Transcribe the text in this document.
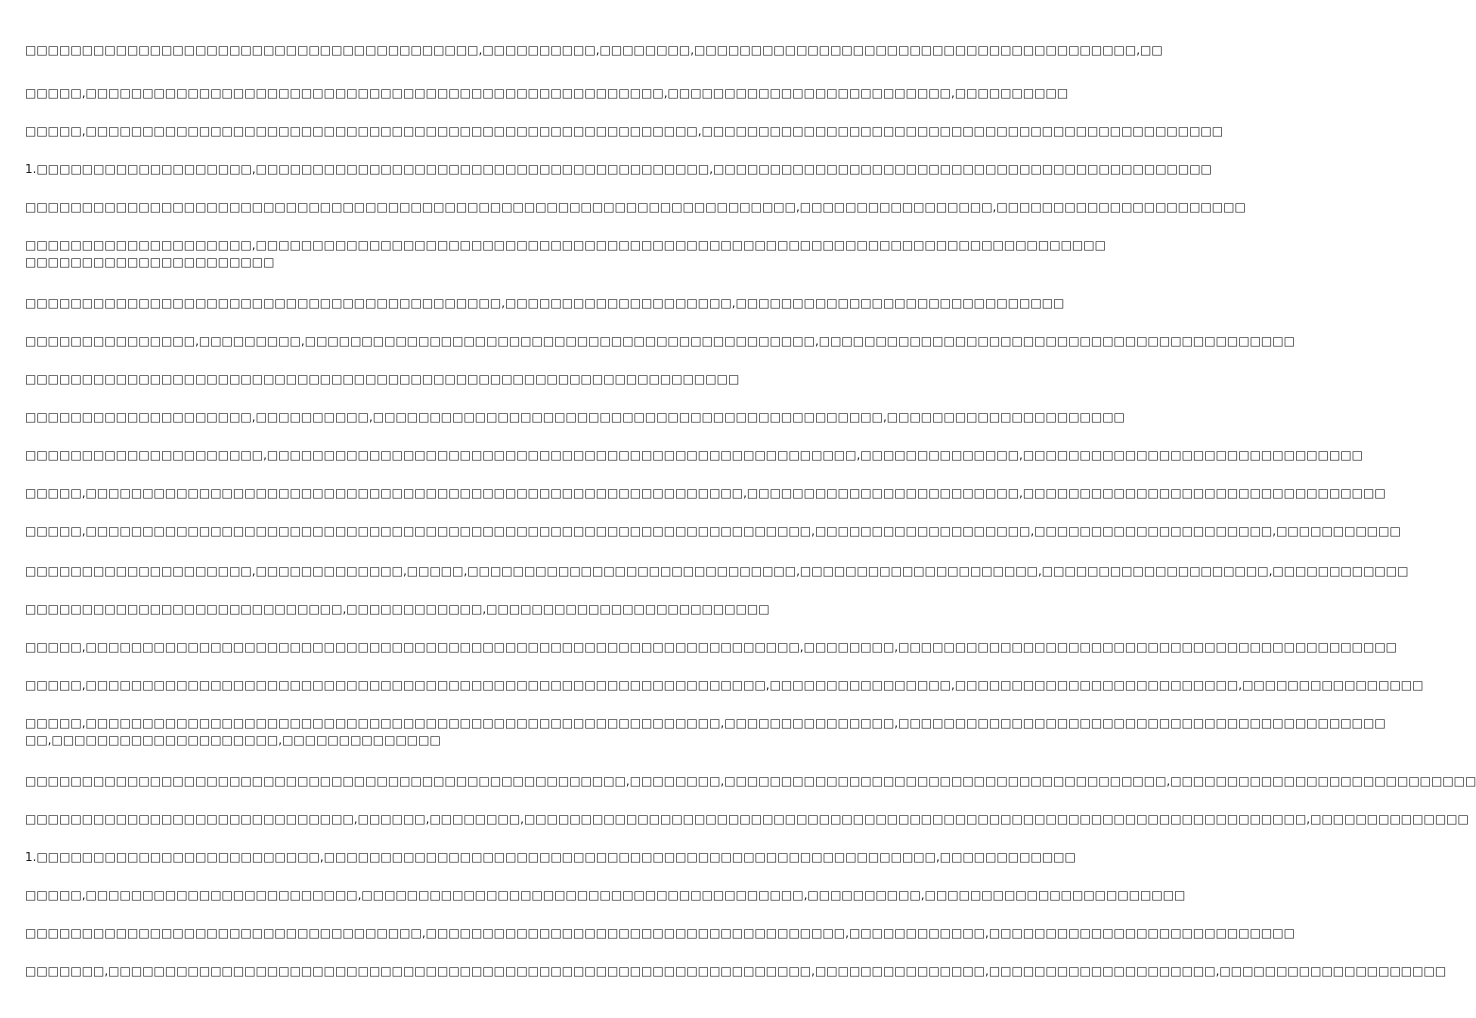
□□□□□□□□□□□□□□□□□□□□□□□□□□□□□□□□□□□□□□□□,□□□□□□□□□□,□□□□□□□□,□□□□□□□□□□□□□□□□□□□□□□□□□□□□□□□□□□□□□□□,□□

□□□□□,□□□□□□□□□□□□□□□□□□□□□□□□□□□□□□□□□□□□□□□□□□□□□□□□□□□,□□□□□□□□□□□□□□□□□□□□□□□□□,□□□□□□□□□□

□□□□□,□□□□□□□□□□□□□□□□□□□□□□□□□□□□□□□□□□□□□□□□□□□□□□□□□□□□□□,□□□□□□□□□□□□□□□□□□□□□□□□□□□□□□□□□□□□□□□□□□□□□□

1.□□□□□□□□□□□□□□□□□□□,□□□□□□□□□□□□□□□□□□□□□□□□□□□□□□□□□□□□□□□□,□□□□□□□□□□□□□□□□□□□□□□□□□□□□□□□□□□□□□□□□□□□□

□□□□□□□□□□□□□□□□□□□□□□□□□□□□□□□□□□□□□□□□□□□□□□□□□□□□□□□□□□□□□□□□□□□□,□□□□□□□□□□□□□□□□□,□□□□□□□□□□□□□□□□□□□□□□

□□□□□□□□□□□□□□□□□□□□,□□□□□□□□□□□□□□□□□□□□□□□□□□□□□□□□□□□□□□□□□□□□□□□□□□□□□□□□□□□□□□□□□□□□□□□□□□□
□□□□□□□□□□□□□□□□□□□□□□

□□□□□□□□□□□□□□□□□□□□□□□□□□□□□□□□□□□□□□□□□□,□□□□□□□□□□□□□□□□□□□□,□□□□□□□□□□□□□□□□□□□□□□□□□□□□□

□□□□□□□□□□□□□□□,□□□□□□□□□,□□□□□□□□□□□□□□□□□□□□□□□□□□□□□□□□□□□□□□□□□□□□□,□□□□□□□□□□□□□□□□□□□□□□□□□□□□□□□□□□□□□□□□□□

□□□□□□□□□□□□□□□□□□□□□□□□□□□□□□□□□□□□□□□□□□□□□□□□□□□□□□□□□□□□□□□

□□□□□□□□□□□□□□□□□□□□,□□□□□□□□□□,□□□□□□□□□□□□□□□□□□□□□□□□□□□□□□□□□□□□□□□□□□□□□,□□□□□□□□□□□□□□□□□□□□□

□□□□□□□□□□□□□□□□□□□□□,□□□□□□□□□□□□□□□□□□□□□□□□□□□□□□□□□□□□□□□□□□□□□□□□□□□□,□□□□□□□□□□□□□□,□□□□□□□□□□□□□□□□□□□□□□□□□□□□□□

□□□□□,□□□□□□□□□□□□□□□□□□□□□□□□□□□□□□□□□□□□□□□□□□□□□□□□□□□□□□□□□□,□□□□□□□□□□□□□□□□□□□□□□□□,□□□□□□□□□□□□□□□□□□□□□□□□□□□□□□□□

□□□□□,□□□□□□□□□□□□□□□□□□□□□□□□□□□□□□□□□□□□□□□□□□□□□□□□□□□□□□□□□□□□□□□□,□□□□□□□□□□□□□□□□□□□,□□□□□□□□□□□□□□□□□□□□□,□□□□□□□□□□□

□□□□□□□□□□□□□□□□□□□□,□□□□□□□□□□□□□,□□□□□,□□□□□□□□□□□□□□□□□□□□□□□□□□□□□,□□□□□□□□□□□□□□□□□□□□□,□□□□□□□□□□□□□□□□□□□□,□□□□□□□□□□□□

□□□□□□□□□□□□□□□□□□□□□□□□□□□□,□□□□□□□□□□□□,□□□□□□□□□□□□□□□□□□□□□□□□□

□□□□□,□□□□□□□□□□□□□□□□□□□□□□□□□□□□□□□□□□□□□□□□□□□□□□□□□□□□□□□□□□□□□□□,□□□□□□□□,□□□□□□□□□□□□□□□□□□□□□□□□□□□□□□□□□□□□□□□□□□□□

□□□□□,□□□□□□□□□□□□□□□□□□□□□□□□□□□□□□□□□□□□□□□□□□□□□□□□□□□□□□□□□□□□,□□□□□□□□□□□□□□□□,□□□□□□□□□□□□□□□□□□□□□□□□□,□□□□□□□□□□□□□□□□

□□□□□,□□□□□□□□□□□□□□□□□□□□□□□□□□□□□□□□□□□□□□□□□□□□□□□□□□□□□□□□,□□□□□□□□□□□□□□□,□□□□□□□□□□□□□□□□□□□□□□□□□□□□□□□□□□□□□□□□□□□
□□,□□□□□□□□□□□□□□□□□□□□,□□□□□□□□□□□□□□

□□□□□□□□□□□□□□□□□□□□□□□□□□□□□□□□□□□□□□□□□□□□□□□□□□□□□,□□□□□□□□,□□□□□□□□□□□□□□□□□□□□□□□□□□□□□□□□□□□□□□□,□□□□□□□□□□□□□□□□□□□□□□□□□□□

□□□□□□□□□□□□□□□□□□□□□□□□□□□□□,□□□□□□,□□□□□□□□,□□□□□□□□□□□□□□□□□□□□□□□□□□□□□□□□□□□□□□□□□□□□□□□□□□□□□□□□□□□□□□□□□□□□□,□□□□□□□□□□□□□□

1.□□□□□□□□□□□□□□□□□□□□□□□□□,□□□□□□□□□□□□□□□□□□□□□□□□□□□□□□□□□□□□□□□□□□□□□□□□□□□□□□,□□□□□□□□□□□□

□□□□□,□□□□□□□□□□□□□□□□□□□□□□□□,□□□□□□□□□□□□□□□□□□□□□□□□□□□□□□□□□□□□□□□,□□□□□□□□□□,□□□□□□□□□□□□□□□□□□□□□□□

□□□□□□□□□□□□□□□□□□□□□□□□□□□□□□□□□□□,□□□□□□□□□□□□□□□□□□□□□□□□□□□□□□□□□□□□□,□□□□□□□□□□□□,□□□□□□□□□□□□□□□□□□□□□□□□□□□

□□□□□□□,□□□□□□□□□□□□□□□□□□□□□□□□□□□□□□□□□□□□□□□□□□□□□□□□□□□□□□□□□□□□□□,□□□□□□□□□□□□□□□,□□□□□□□□□□□□□□□□□□□□,□□□□□□□□□□□□□□□□□□□□
